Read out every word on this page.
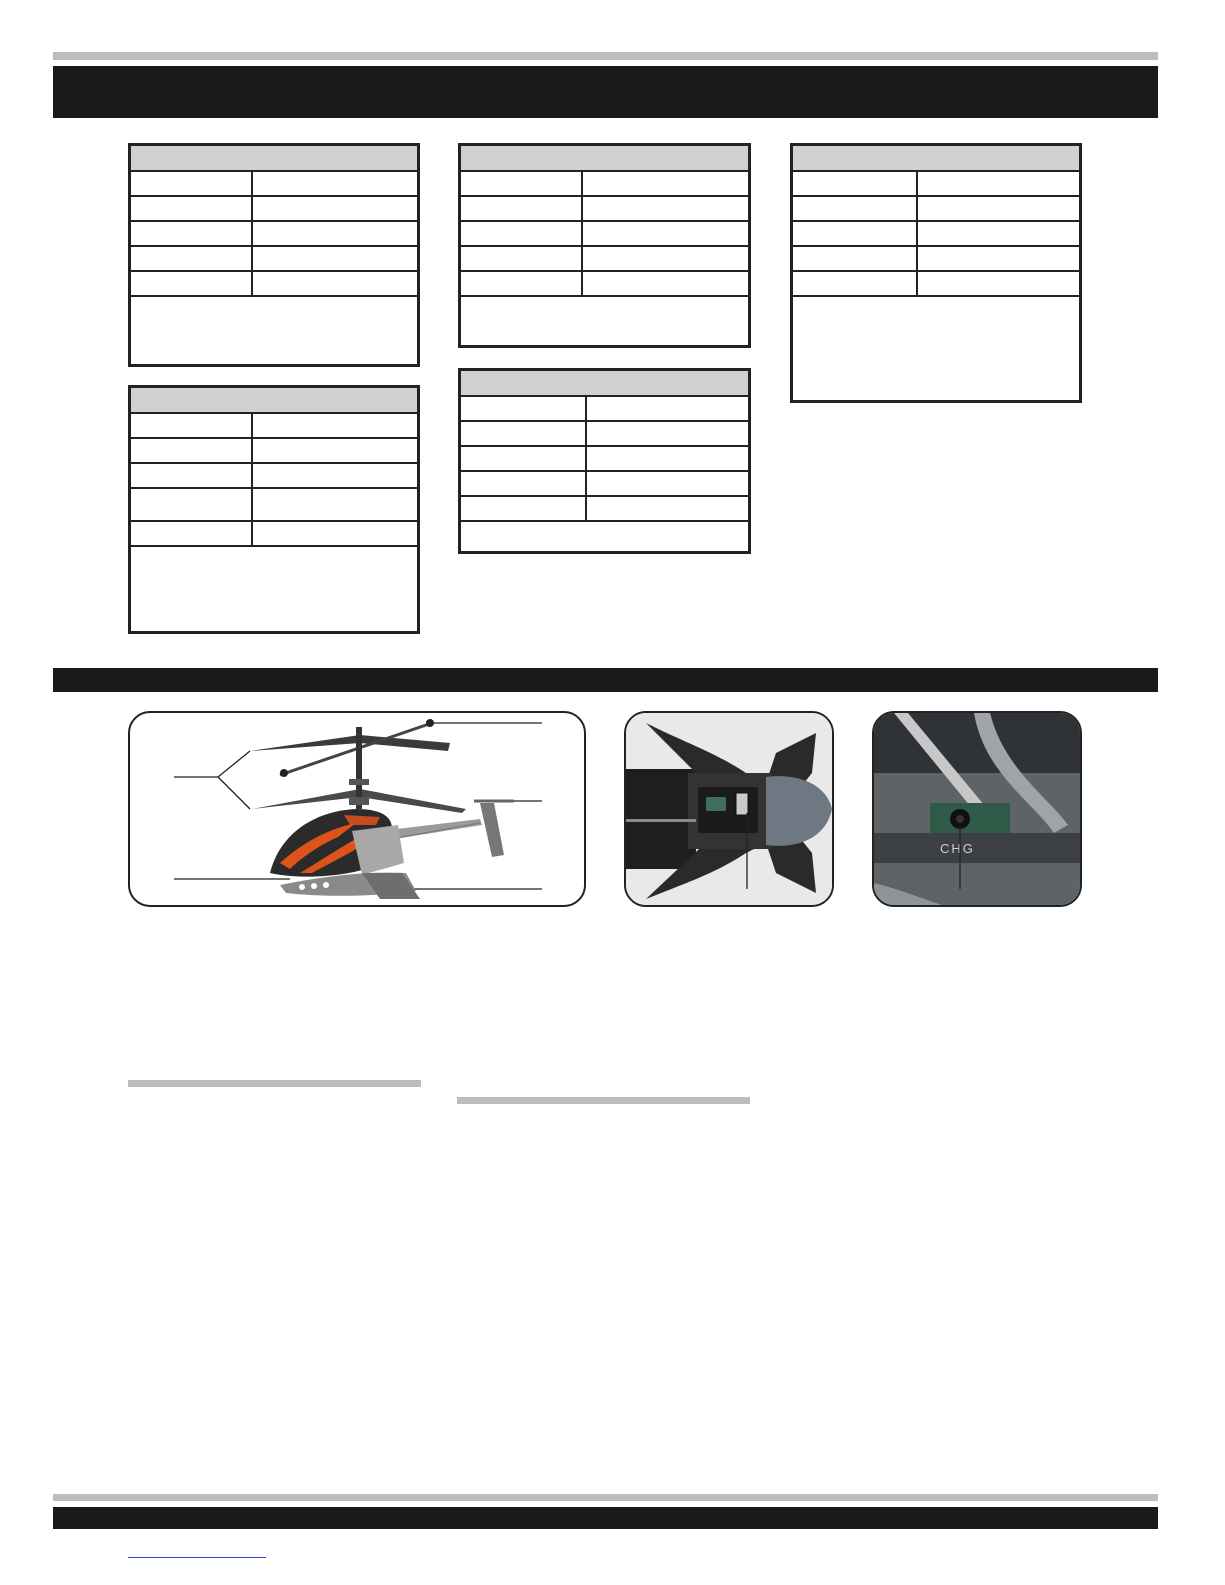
CHG
